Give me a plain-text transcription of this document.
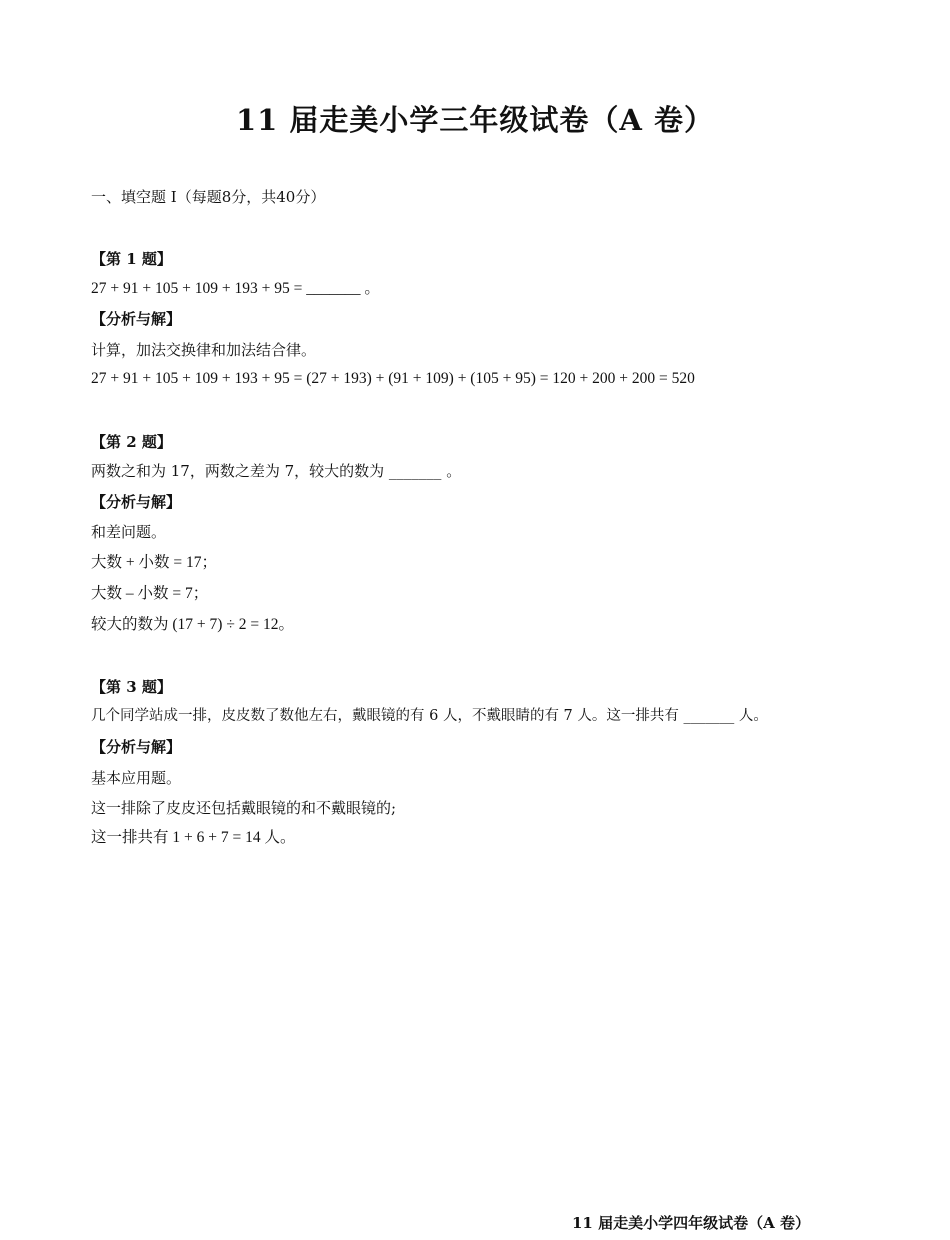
11 届走美小学三年级试卷（A 卷）
一、填空题 I（每题8分，共40分）
【第 1 题】
27 + 91 + 105 + 109 + 193 + 95 = _______ 。
【分析与解】
计算，加法交换律和加法结合律。
27 + 91 + 105 + 109 + 193 + 95 = (27 + 193) + (91 + 109) + (105 + 95) = 120 + 200 + 200 = 520
【第 2 题】
两数之和为 17，两数之差为 7，较大的数为 _______ 。
【分析与解】
和差问题。
大数 + 小数 = 17；
大数 – 小数 = 7；
较大的数为 (17 + 7) ÷ 2 = 12。
【第 3 题】
几个同学站成一排，皮皮数了数他左右，戴眼镜的有 6 人，不戴眼睛的有 7 人。这一排共有 _______ 人。
【分析与解】
基本应用题。
这一排除了皮皮还包括戴眼镜的和不戴眼镜的;
这一排共有 1 + 6 + 7 = 14 人。
11 届走美小学四年级试卷（A 卷）
